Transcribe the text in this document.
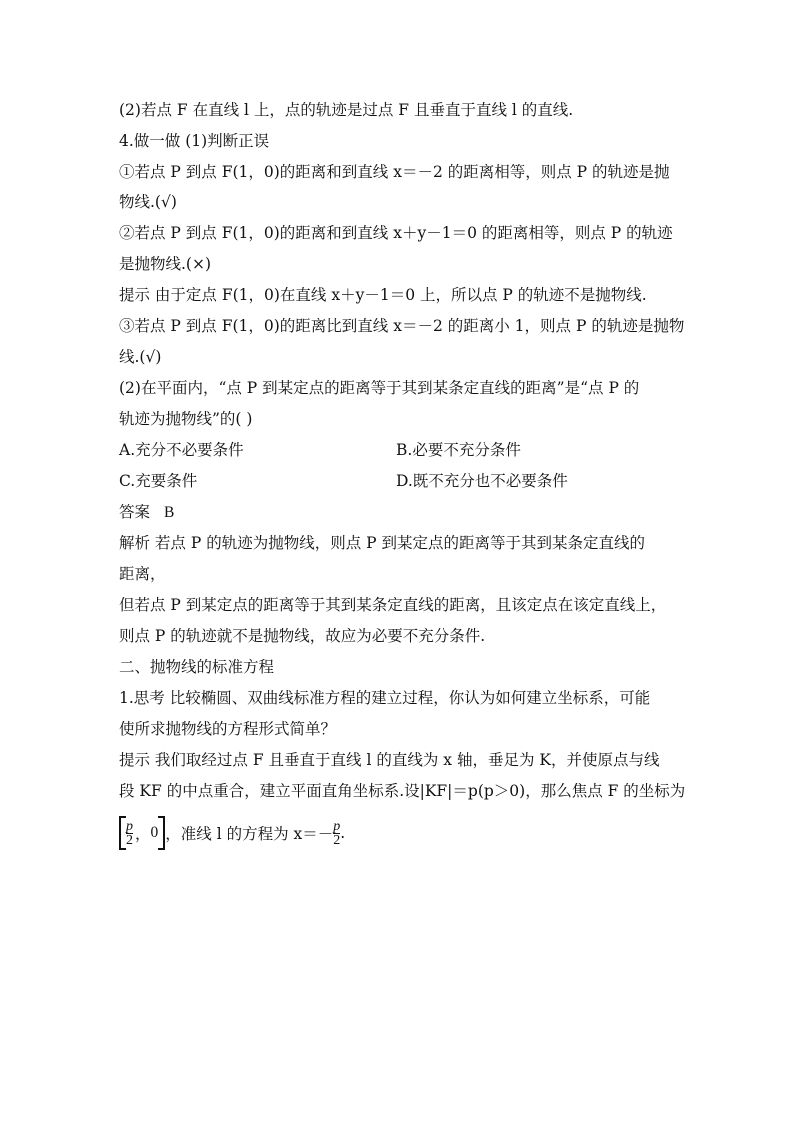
(2)若点 F 在直线 l 上，点的轨迹是过点 F 且垂直于直线 l 的直线.
4.做一做 (1)判断正误
①若点 P 到点 F(1，0)的距离和到直线 x＝－2 的距离相等，则点 P 的轨迹是抛
物线.(√)
②若点 P 到点 F(1，0)的距离和到直线 x＋y－1＝0 的距离相等，则点 P 的轨迹
是抛物线.(×)
提示 由于定点 F(1，0)在直线 x＋y－1＝0 上，所以点 P 的轨迹不是抛物线.
③若点 P 到点 F(1，0)的距离比到直线 x＝－2 的距离小 1，则点 P 的轨迹是抛物
线.(√)
(2)在平面内，“点 P 到某定点的距离等于其到某条定直线的距离”是“点 P 的
轨迹为抛物线”的( )
A.充分不必要条件	B.必要不充分条件
C.充要条件	D.既不充分也不必要条件
答案 B
解析 若点 P 的轨迹为抛物线，则点 P 到某定点的距离等于其到某条定直线的
距离，
但若点 P 到某定点的距离等于其到某条定直线的距离，且该定点在该定直线上，
则点 P 的轨迹就不是抛物线，故应为必要不充分条件.
二、抛物线的标准方程
1.思考 比较椭圆、双曲线标准方程的建立过程，你认为如何建立坐标系，可能
使所求抛物线的方程形式简单？
提示 我们取经过点 F 且垂直于直线 l 的直线为 x 轴，垂足为 K，并使原点与线
段 KF 的中点重合，建立平面直角坐标系.设|KF|＝p(p＞0)，那么焦点 F 的坐标为
$\frac{p}{2}$ ， 0 ，准线 l 的方程为 $x=- \frac{p}{2}$ .
